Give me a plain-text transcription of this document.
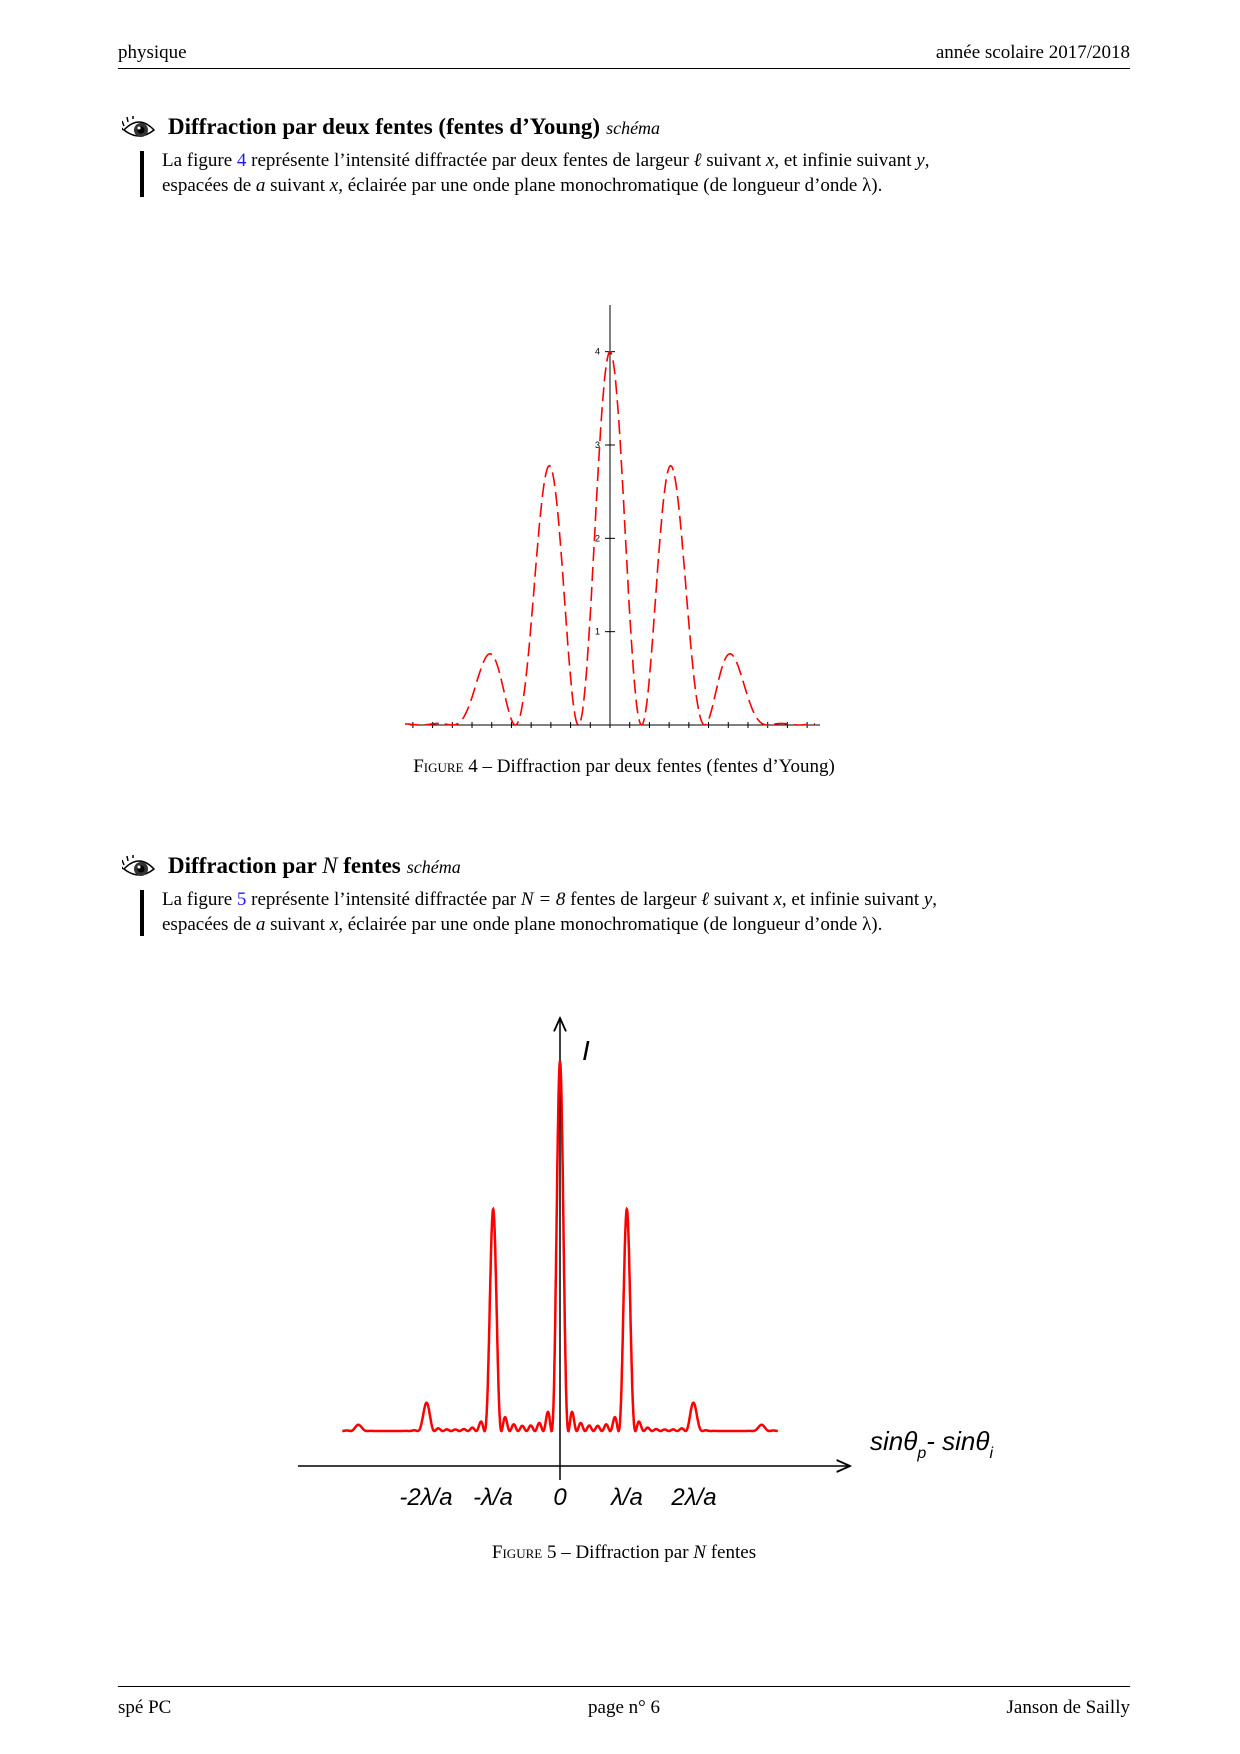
physique	année scolaire 2017/2018
Diffraction par deux fentes (fentes d’Young) schéma
La figure 4 représente l’intensité diffractée par deux fentes de largeur ℓ suivant x, et infinie suivant y,
espacées de a suivant x, éclairée par une onde plane monochromatique (de longueur d’onde λ).
1
2
3
4
Figure 4 – Diffraction par deux fentes (fentes d’Young)
Diffraction par N fentes schéma
La figure 5 représente l’intensité diffractée par N = 8 fentes de largeur ℓ suivant x, et infinie suivant y,
espacées de a suivant x, éclairée par une onde plane monochromatique (de longueur d’onde λ).
I
sinθ$_p$- sinθ$_i$
-2λ/a -λ/a 0 λ/a 2λ/a
Figure 5 – Diffraction par N fentes
spé PC	page n° 6	Janson de Sailly
